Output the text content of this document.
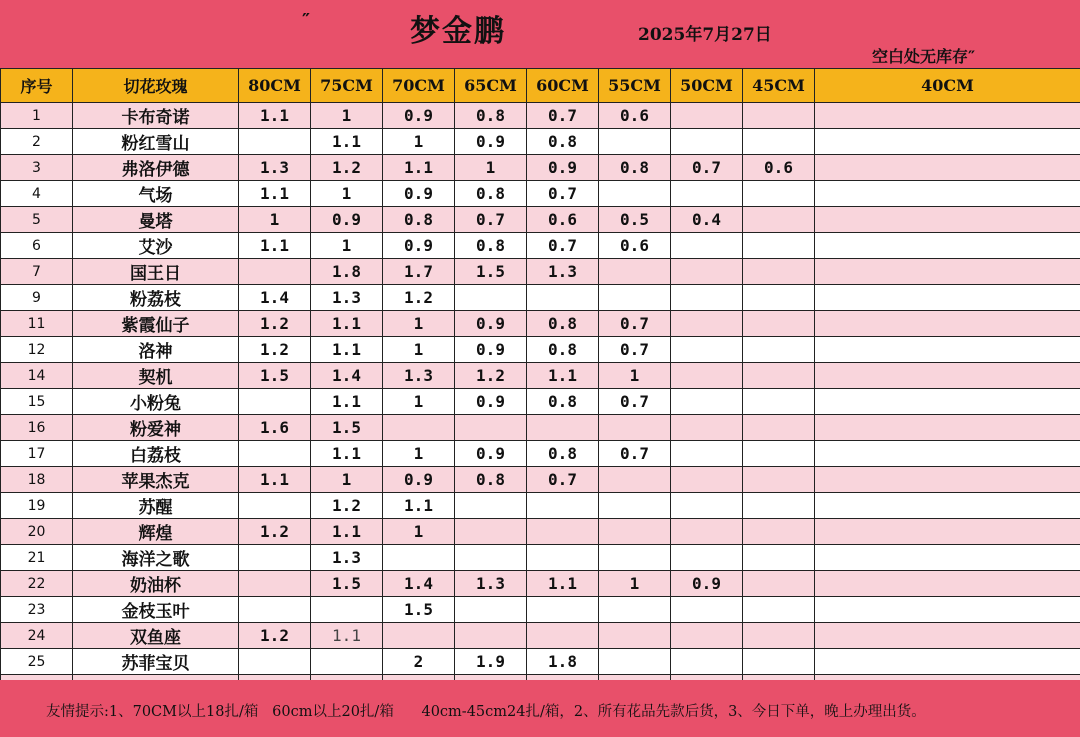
″	梦金鹏	2025年7月27日
空白处无库存″
序号	切花玫瑰	80CM	75CM	70CM	65CM	60CM	55CM	50CM	45CM	40CM
1	卡布奇诺	1.1	1	0.9	0.8	0.7	0.6			
2	粉红雪山		1.1	1	0.9	0.8				
3	弗洛伊德	1.3	1.2	1.1	1	0.9	0.8	0.7	0.6	
4	气场	1.1	1	0.9	0.8	0.7				
5	曼塔	1	0.9	0.8	0.7	0.6	0.5	0.4		
6	艾沙	1.1	1	0.9	0.8	0.7	0.6			
7	国王日		1.8	1.7	1.5	1.3				
9	粉荔枝	1.4	1.3	1.2						
11	紫霞仙子	1.2	1.1	1	0.9	0.8	0.7			
12	洛神	1.2	1.1	1	0.9	0.8	0.7			
14	契机	1.5	1.4	1.3	1.2	1.1	1			
15	小粉兔		1.1	1	0.9	0.8	0.7			
16	粉爱神	1.6	1.5							
17	白荔枝		1.1	1	0.9	0.8	0.7			
18	苹果杰克	1.1	1	0.9	0.8	0.7				
19	苏醒		1.2	1.1						
20	辉煌	1.2	1.1	1						
21	海洋之歌		1.3							
22	奶油杯		1.5	1.4	1.3	1.1	1	0.9		
23	金枝玉叶			1.5						
24	双鱼座	1.2	1.1							
25	苏菲宝贝			2	1.9	1.8				

友情提示:1、70CM以上18扎/箱   60cm以上20扎/箱      40cm-45cm24扎/箱，2、所有花品先款后货，3、今日下单，晚上办理出货。
